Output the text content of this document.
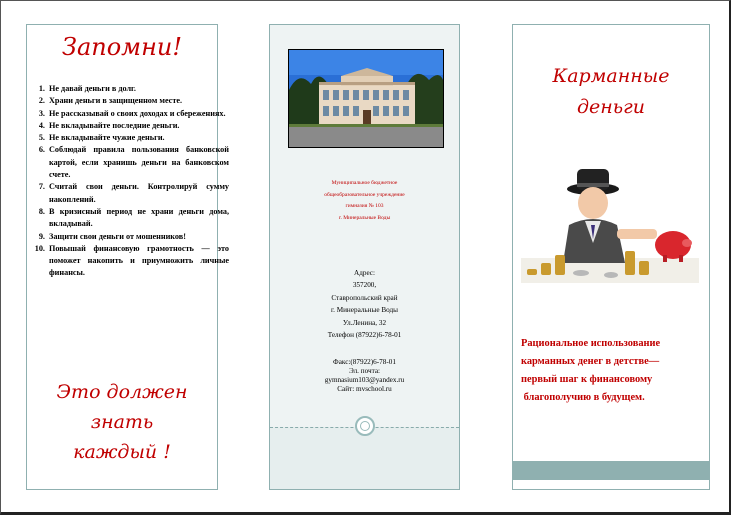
Запомни!
1. Не давай деньги в долг.
2. Храни деньги в защищенном месте.
3. Не рассказывай о своих доходах и сбережениях.
4. Не вкладывайте последние деньги.
5. Не вкладывайте чужие деньги.
6. Соблюдай правила пользования банковской картой, если хранишь деньги на банковском счете.
7. Считай свои деньги. Контролируй сумму накоплений.
8. В кризисный период не храни деньги дома, вкладывай.
9. Защити свои деньги от мошенников!
10. Повышай финансовую грамотность — это поможет накопить и приумножить личные финансы.
Это должен знать
каждый !
Муниципальное бюджетное
общеобразовательное учреждение
гимназия № 103
г. Минеральные Воды
Адрес:
357200,
Ставропольский край
г. Минеральные Воды
Ул.Ленина, 32
Телефон (87922)6-78-01
Факс:(87922)6-78-01
Эл. почта:
gymnasium103@yandex.ru
Сайт: mvschool.ru
Карманные
деньги
Рациональное использование
карманных денег в детстве—
первый шаг к финансовому
благополучию в будущем.
